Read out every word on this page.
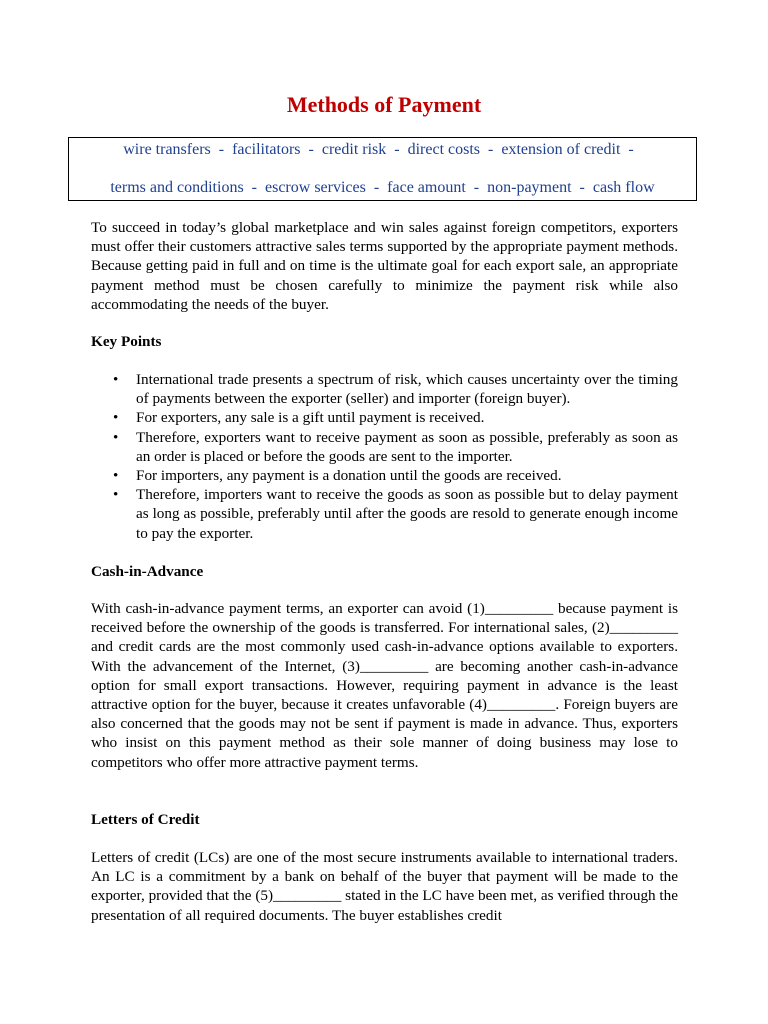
Methods of Payment
wire transfers - facilitators - credit risk - direct costs - extension of credit -
terms and conditions - escrow services - face amount - non-payment - cash flow

To succeed in today’s global marketplace and win sales against foreign competitors, exporters must offer their customers attractive sales terms supported by the appropriate payment methods. Because getting paid in full and on time is the ultimate goal for each export sale, an appropriate payment method must be chosen carefully to minimize the payment risk while also accommodating the needs of the buyer.

Key Points

• International trade presents a spectrum of risk, which causes uncertainty over the timing of payments between the exporter (seller) and importer (foreign buyer).
• For exporters, any sale is a gift until payment is received.
• Therefore, exporters want to receive payment as soon as possible, preferably as soon as an order is placed or before the goods are sent to the importer.
• For importers, any payment is a donation until the goods are received.
• Therefore, importers want to receive the goods as soon as possible but to delay payment as long as possible, preferably until after the goods are resold to generate enough income to pay the exporter.

Cash-in-Advance

With cash-in-advance payment terms, an exporter can avoid (1)_________ because payment is received before the ownership of the goods is transferred. For international sales, (2)_________ and credit cards are the most commonly used cash-in-advance options available to exporters. With the advancement of the Internet, (3)_________ are becoming another cash-in-advance option for small export transactions. However, requiring payment in advance is the least attractive option for the buyer, because it creates unfavorable (4)_________. Foreign buyers are also concerned that the goods may not be sent if payment is made in advance. Thus, exporters who insist on this payment method as their sole manner of doing business may lose to competitors who offer more attractive payment terms.

Letters of Credit

Letters of credit (LCs) are one of the most secure instruments available to international traders. An LC is a commitment by a bank on behalf of the buyer that payment will be made to the exporter, provided that the (5)_________ stated in the LC have been met, as verified through the presentation of all required documents. The buyer establishes credit
